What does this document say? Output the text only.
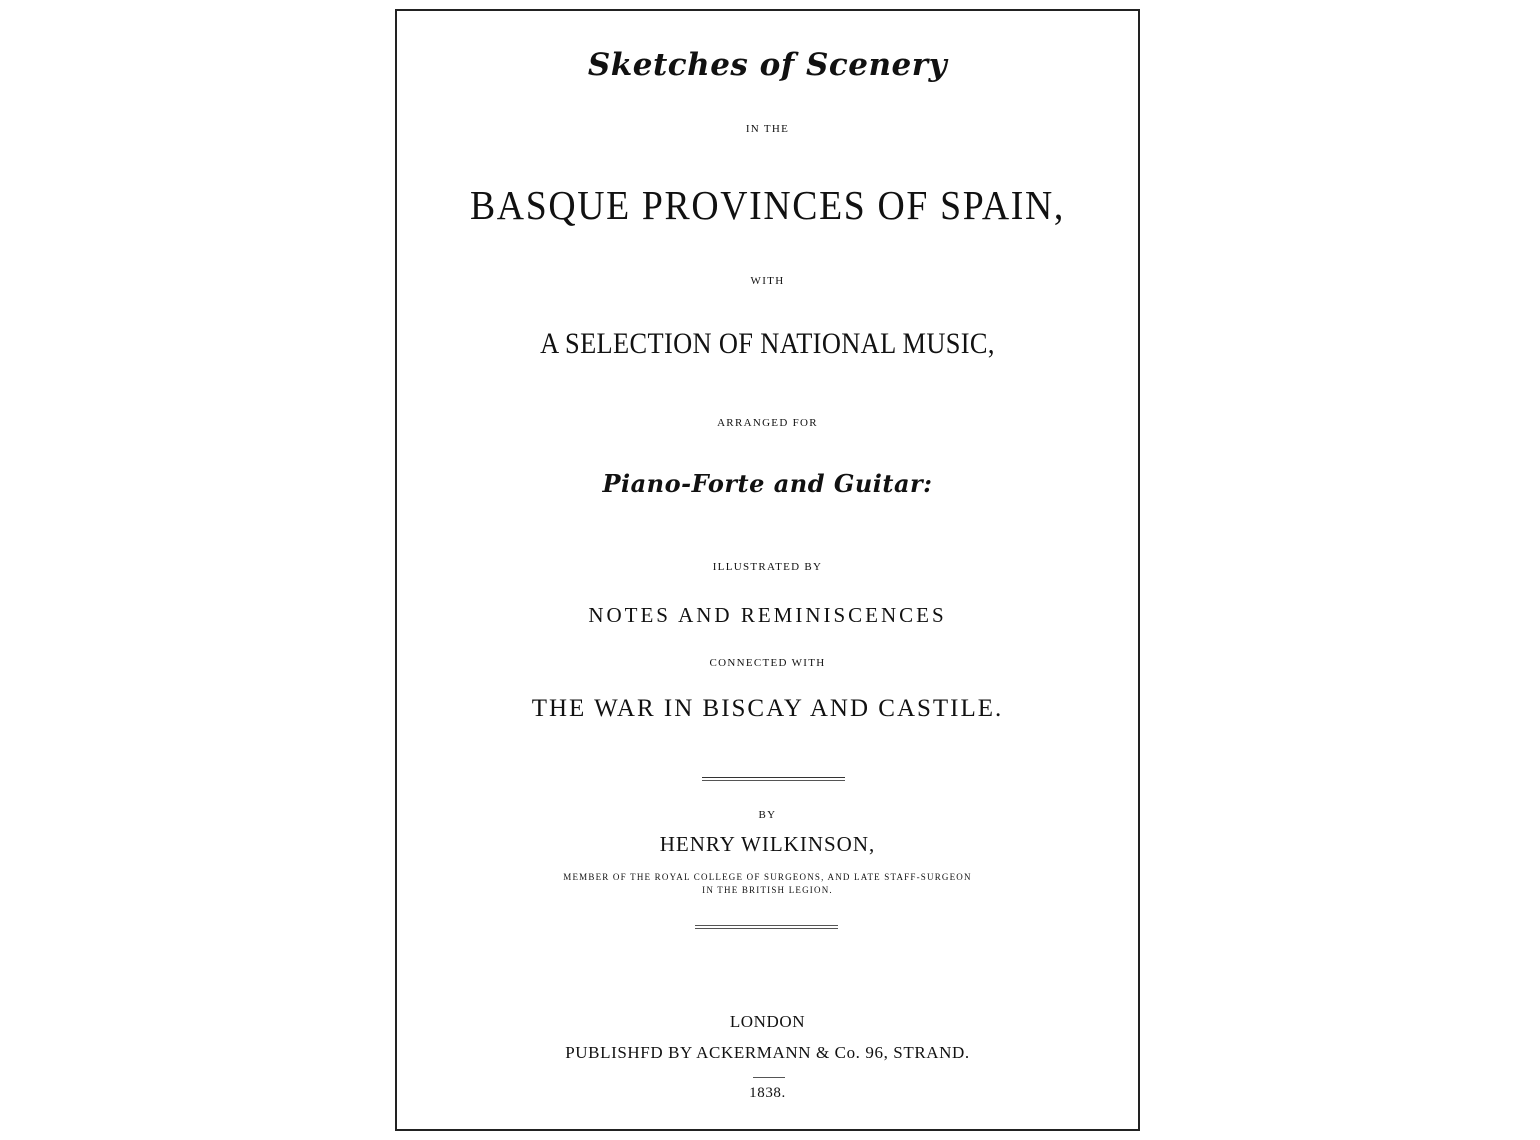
Sketches of Scenery
IN THE
BASQUE PROVINCES OF SPAIN,
WITH
A SELECTION OF NATIONAL MUSIC,
ARRANGED FOR
Piano-Forte and Guitar:
ILLUSTRATED BY
NOTES AND REMINISCENCES
CONNECTED WITH
THE WAR IN BISCAY AND CASTILE.
BY
HENRY WILKINSON,
MEMBER OF THE ROYAL COLLEGE OF SURGEONS, AND LATE STAFF-SURGEON
IN THE BRITISH LEGION.
LONDON
PUBLISHFD BY ACKERMANN & Co. 96, STRAND.
1838.
